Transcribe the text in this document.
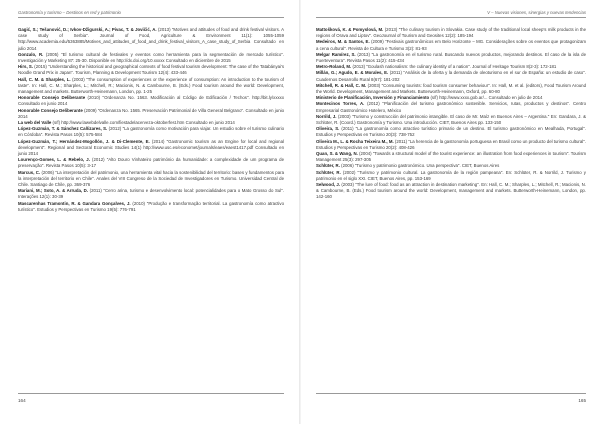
Gastronomía y turismo – Destinos en red y patrimonio

Gagić, S.; Tešanović, D.; Ivkov-Džigurski, A.; Pivac, T. & Jovičić, A. (2013) "Motives and attitudes of food and drink festival visitors. A case study of Serbia". Journal of Food, Agriculture & Environment 11(1): 1055-1059 http://www.academia.edu/5363885/Motives_and_attitudes_of_food_and_drink_festival_visitors_A_case_study_of_Serbia Consultado en julio 2014

Gonzalo, R. (2005) "El turismo cultural de festivales y eventos como herramienta para la segmentación de mercado turístico". Investigación y Marketing 87: 25-30. Disponible en http://dx.doi.org/10.xxxxx Consultado en diciembre de 2015

Hirs, S. (2015) "Understanding the historical and geographical contexts of food festival tourism development: The case of the Tatabányai's Noodle Grand Prix in Japan". Tourism, Planning & Development Tourism 12(4): 433-446

Hall, C. M. & Sharples, L. (2003) "The consumption of experiences or the experience of consumption: An introduction to the tourism of taste". In: Hall, C. M.; Sharples, L.; Mitchell, R.; Macionis, N. & Cambourne, B. (Eds.) Food tourism around the world: Development, management and markets. Butterworth-Heinemann, London, pp. 1-25

Honorable Consejo Deliberante (2010) "Ordenanza No. 1563. Modificación al Código de Edificación / Techos". http://bit.ly/xxxxx Consultado en junio 2014

Honorable Consejo Deliberante (2009) "Ordenanza No. 1565. Preservación Patrimonial de Villa General Belgrano". Consultado en junio 2014

La web del Valle (s/f) http://www.lawebdelvalle.com/fiestadelacerveza-oktoberfest.htm Consultado en junio 2014

López-Guzmán, T. & Sánchez Cañizares, S. (2012) "La gastronomía como motivación para viajar. Un estudio sobre el turismo culinario en Córdoba". Revista Pasos 10(5): 575-584

López-Guzmán, T.; Hernández-Mogollón, J. & Di-Clemente, E. (2014) "Gastronomic tourism as an Engine for local and regional development". Regional and Sectoral Economic Studies 14(1) http://www.usc.es/economet/journals/eaes/eaest1417.pdf Consultado en junio 2014

Lourenço-Gomes, L. & Rebelo, J. (2012) "Alto Douro Vinhateiro património da humanidade: a complexidade de um programa de preservação". Revista Pasos 10(5): 3-17

Marcus, C. (2006) "La interpretación del patrimonio, una herramienta vital hacia la sostenibilidad del territorio: bases y fundamentos para la interpretación del territorio en Chile". Anales del VIII Congreso de la Sociedad de Investigadores en Turismo. Universidad Central de Chile. Santiago de Chile, pp. 369-376

Mariani, M.; Soto, A. & Arruda, D. (2011) "Cerro arina, turismo e desenvolvimento local: potencialidades para o Mato Grosso do Sul". Interações 12(1): 30-39

Mascarenhas Tramontin, R. & Gandara Gonçalves, J. (2010) "Produção e transformação territorial. La gastronomía como atractivo turístico". Estudios y Perspectivas en Turismo 19(5): 776-791

164
V – Nuevas visiones, sinergias y nuevas tendencias

Mattošková, K. & Pomyslová, M. (2013) "The culinary tourism in Slovakia. Case study of the traditional local sheep's milk products in the regions of Orava and Liptov". GeoJournal of Tourism and Geosites 12(2): 185-194

Medeiros, M. & Santos, E. (2009) "Festivais gastronômicos em Belo Horizonte – MG. Considerações sobre os eventos que protagonizam a cena cultural". Revista de Cultura e Turismo 3(2): 81-93

Melgar Ramírez, S. (2013) "La gastronomía en el turismo rural. Buscando nuevos productos, mejorando destinos. El caso de la isla de Fuerteventura". Revista Pasos 11(2): 415-434

Metro-Roland, M. (2013) "Goulash nationalism: the culinary identity of a nation". Journal of Heritage Tourism 8(2-3): 172-181

Millán, G.; Agudo, E. & Morales, E. (2011) "Análisis de la oferta y la demanda de oleoturismo en el sur de España: un estudio de caso". Cuadernos Desarrollo Rural 8(67): 181-202

Mitchell, R. & Hall, C. M. (2003) "Consuming tourists: food tourism consumer behaviour". In: Hall, M. et al. (editors), Food Tourism Around the World. Development, Management and Markets. Butterworth-Heinemann, Oxford, pp. 60-80

Ministerio de Planificación, Inversión y Financiamiento (s/f) http://www.xxxx.gob.ar/... Consultado en julio de 2014

Montecinos Torres, A. (2012) "Planificación del turismo gastronómico sostenible. Servicios, rutas, productos y destinos". Centro Empresarial Gastronómico Hotelero, México

Norrild, J. (2003) "Turismo y construcción del patrimonio intangible. El caso de Mr. Maíz en Buenos Aires – Argentina." En: Gandara, J. & Schlüter, R. (Coord.) Gastronomía y Turismo. Una introducción. CIET, Buenos Aires pp. 133-150

Oliveira, S. (2011) "La gastronomía como atractivo turístico primario de un destino. El turismo gastronómico en Mealhada, Portugal". Estudios y Perspectivas en Turismo 20(3): 738-752

Oliveira M., L. & Rocha Teixeira M., M. (2011) "La herencia de la gastronomía portuguesa en Brasil como un producto del turismo cultural". Estudios y Perspectivas en Turismo 20(2): 408-426

Quan, S. & Wang, N. (2004) "Towards a structural model of the tourist experience: an illustration from food experiences in tourism". Tourism Management 25(3): 297-305

Schlüter, R. (2006) "Turismo y patrimonio gastronómico. Una perspectiva". CIET, Buenos Aires

Schlüter, R. (2002) "Turismo y patrimonio cultural. La gastronomía de la región pampeana". En: Schlüter, R. & Norrild, J. Turismo y patrimonio en el siglo XXI. CIET, Buenos Aires, pp. 153-169

Selwood, J. (2003) "The lure of food: food as an attraction in destination marketing". En: Hall, C. M.; Sharples, L.; Mitchell, R.; Macionis, N. & Cambourne, B. (Eds.) Food tourism around the world: Development, management and markets. Butterworth-Heinemann, London, pp. 142-160

165
